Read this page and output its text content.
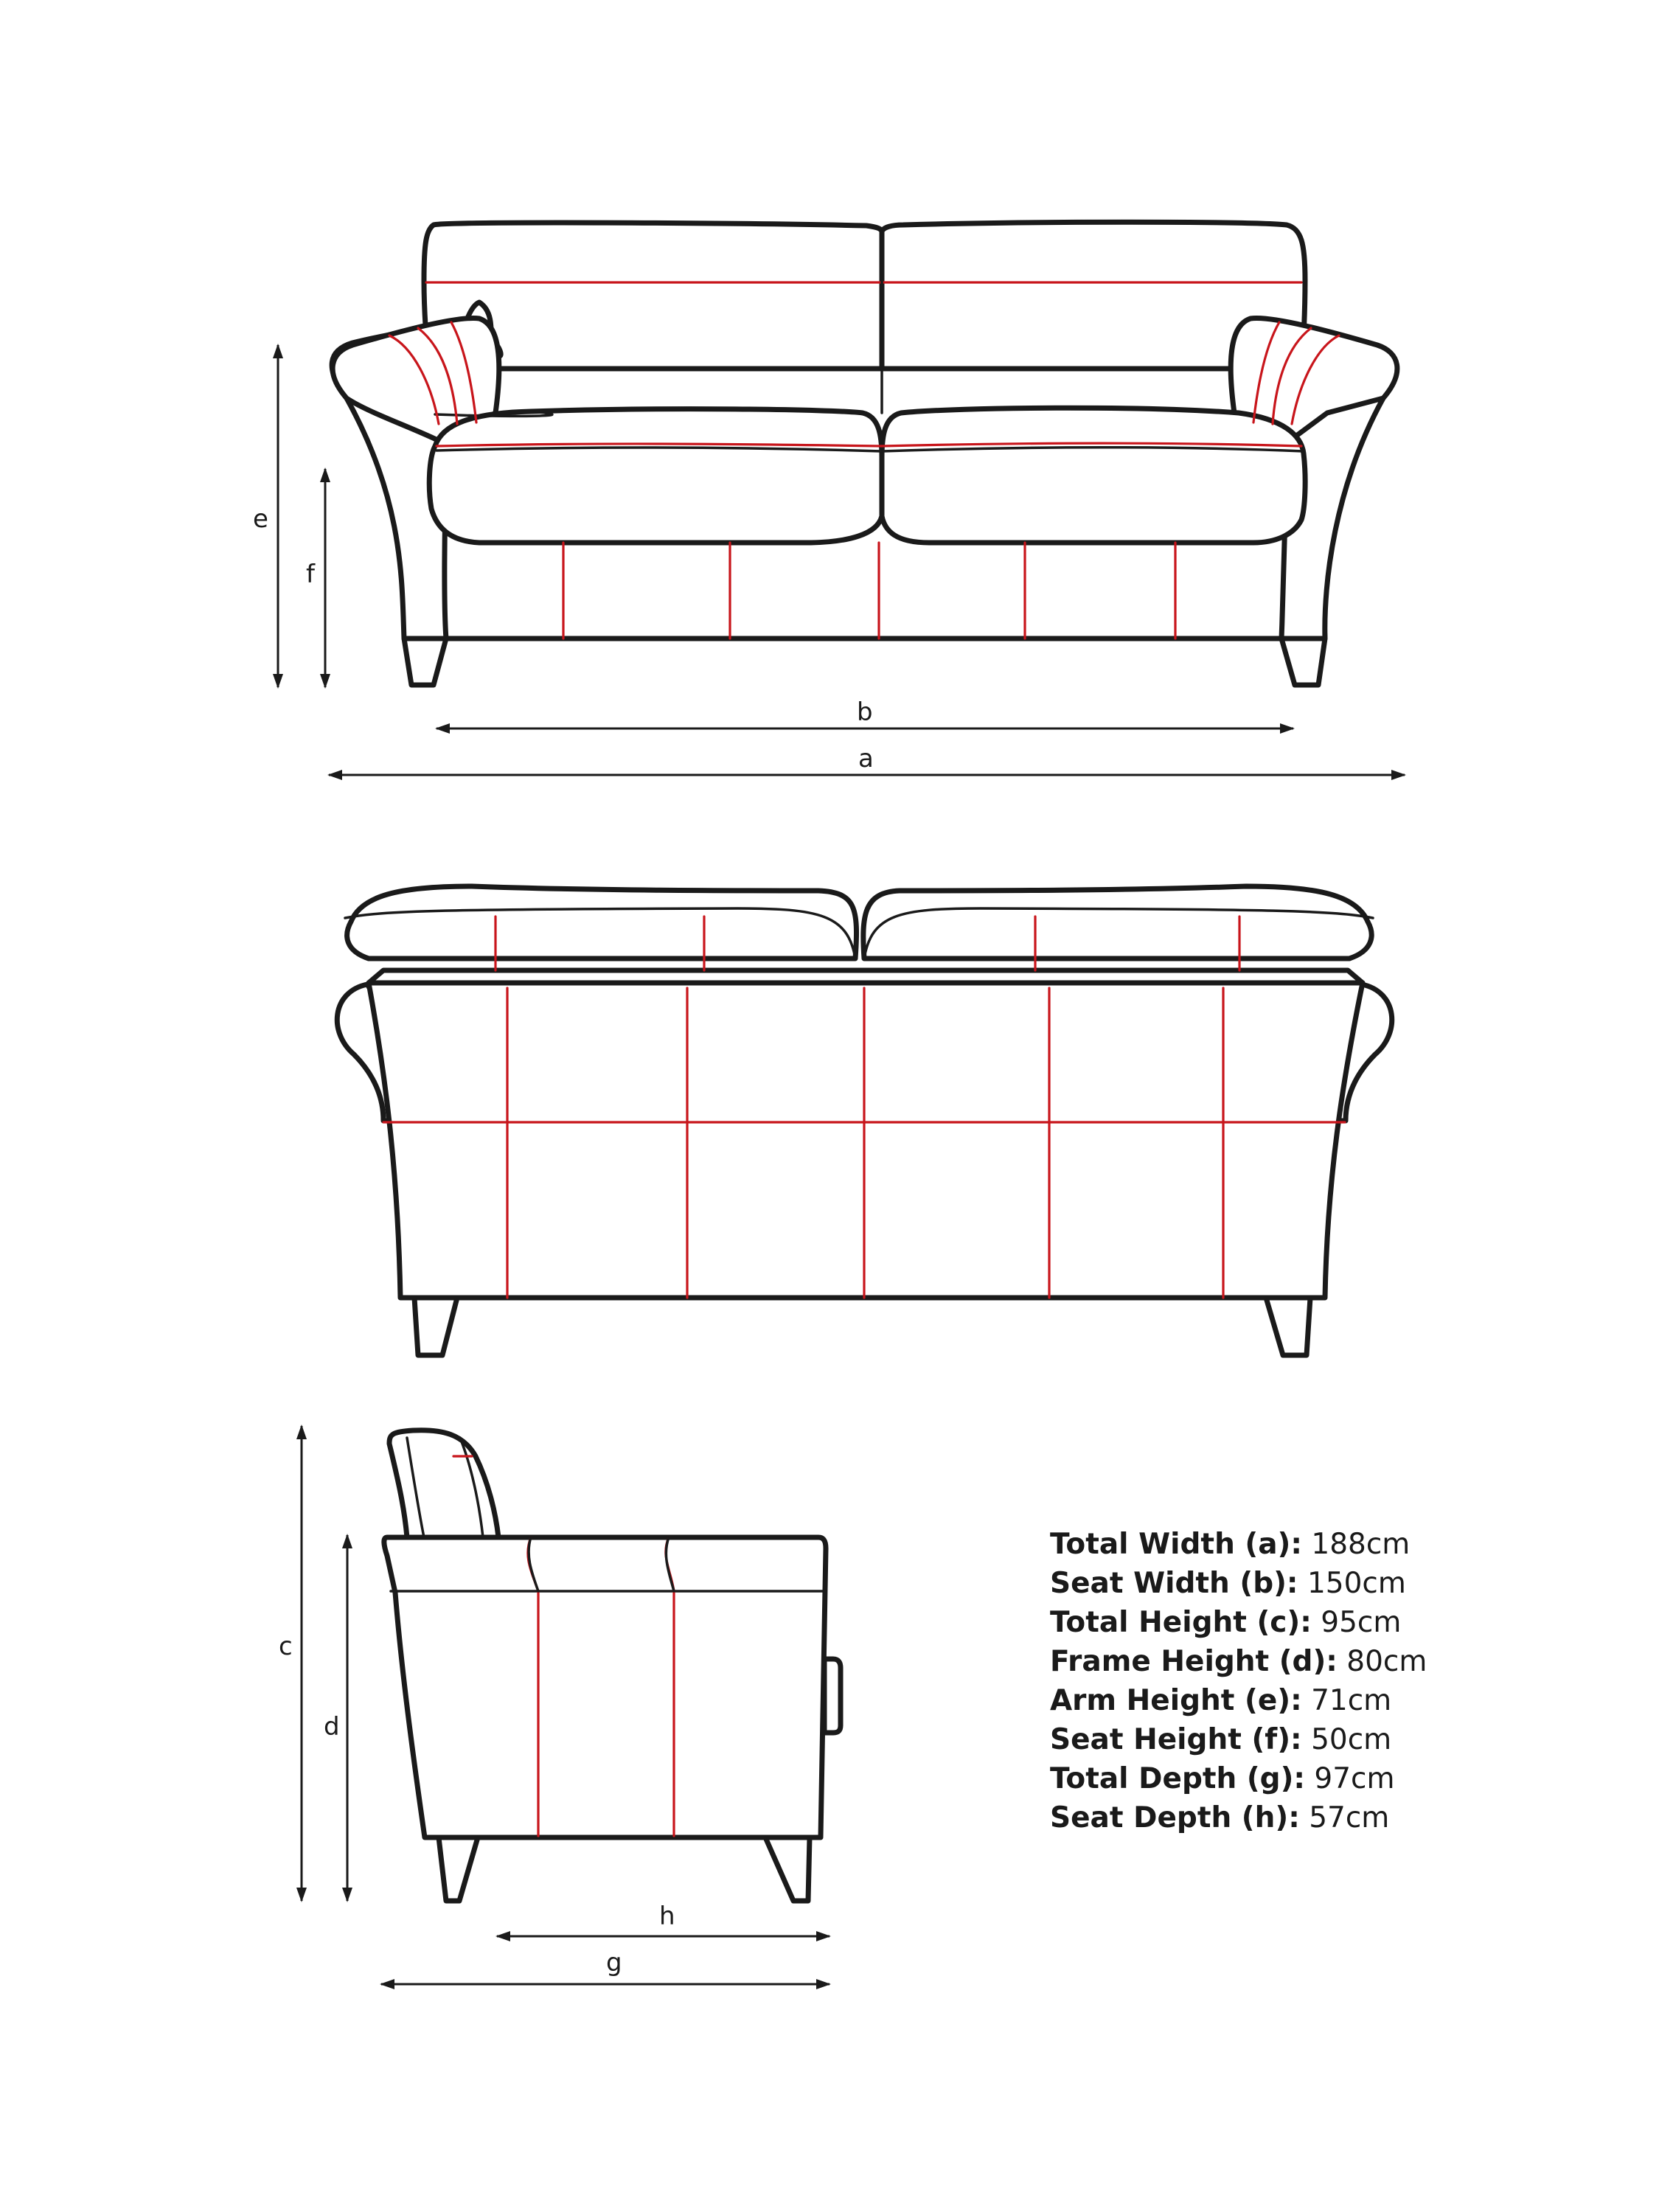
e
f
b
a
c
d
h
g
Total Width (a): 188cm
Seat Width (b): 150cm
Total Height (c): 95cm
Frame Height (d): 80cm
Arm Height (e): 71cm
Seat Height (f): 50cm
Total Depth (g): 97cm
Seat Depth (h): 57cm
